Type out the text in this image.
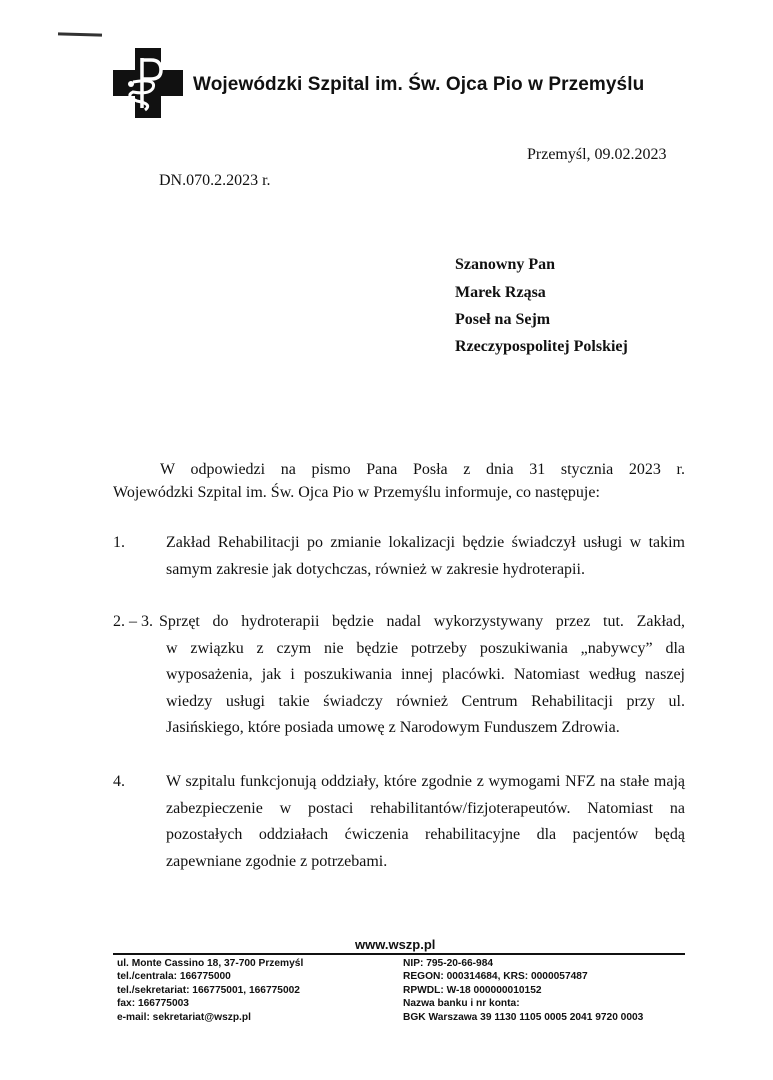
Wojewódzki Szpital im. Św. Ojca Pio w Przemyślu
Przemyśl, 09.02.2023
DN.070.2.2023 r.
Szanowny Pan
Marek Rząsa
Poseł na Sejm
Rzeczypospolitej Polskiej
W odpowiedzi na pismo Pana Posła z dnia 31 stycznia 2023 r.
Wojewódzki Szpital im. Św. Ojca Pio w Przemyślu informuje, co następuje:
1.	Zakład Rehabilitacji po zmianie lokalizacji będzie świadczył usługi w takim samym zakresie jak dotychczas, również w zakresie hydroterapii.
2. – 3. Sprzęt do hydroterapii będzie nadal wykorzystywany przez tut. Zakład,
w związku z czym nie będzie potrzeby poszukiwania „nabywcy” dla wyposażenia, jak i poszukiwania innej placówki. Natomiast według naszej wiedzy usługi takie świadczy również Centrum Rehabilitacji przy ul. Jasińskiego, które posiada umowę z Narodowym Funduszem Zdrowia.
4.	W szpitalu funkcjonują oddziały, które zgodnie z wymogami NFZ na stałe mają zabezpieczenie w postaci rehabilitantów/fizjoterapeutów. Natomiast na pozostałych oddziałach ćwiczenia rehabilitacyjne dla pacjentów będą zapewniane zgodnie z potrzebami.
www.wszp.pl
ul. Monte Cassino 18, 37-700 Przemyśl
tel./centrala: 166775000
tel./sekretariat: 166775001, 166775002
fax: 166775003
e-mail: sekretariat@wszp.pl
NIP: 795-20-66-984
REGON: 000314684, KRS: 0000057487
RPWDL: W-18 000000010152
Nazwa banku i nr konta:
BGK Warszawa 39 1130 1105 0005 2041 9720 0003
